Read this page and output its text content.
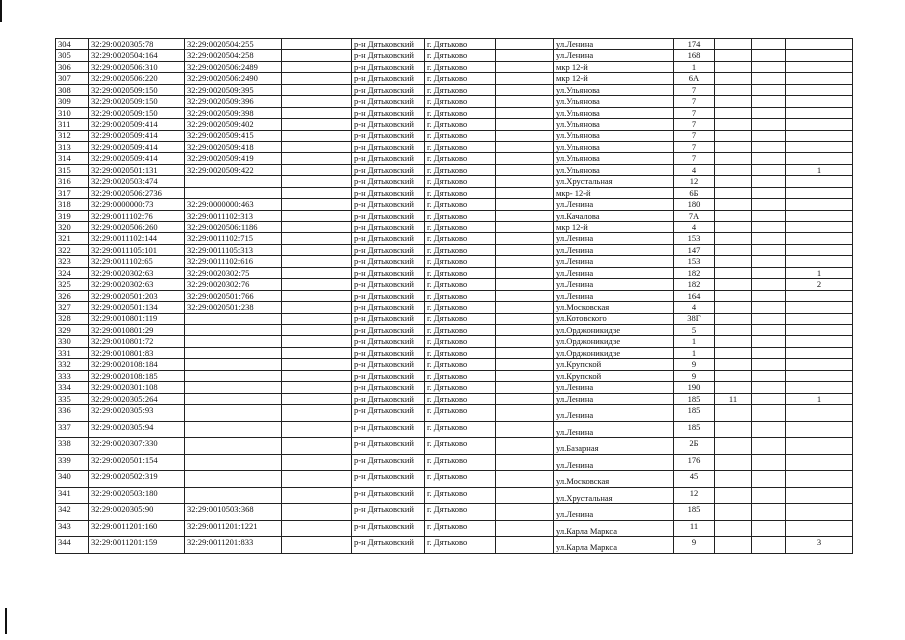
304	32:29:0020305:78	32:29:0020504:255		р-н Дятьковский	г. Дятьково		ул.Ленина	174			
305	32:29:0020504:164	32:29:0020504:258		р-н Дятьковский	г. Дятьково		ул.Ленина	168			
306	32:29:0020506:310	32:29:0020506:2489		р-н Дятьковский	г. Дятьково		мкр 12-й	1			
307	32:29:0020506:220	32:29:0020506:2490		р-н Дятьковский	г. Дятьково		мкр 12-й	6А			
308	32:29:0020509:150	32:29:0020509:395		р-н Дятьковский	г. Дятьково		ул.Ульянова	7			
309	32:29:0020509:150	32:29:0020509:396		р-н Дятьковский	г. Дятьково		ул.Ульянова	7			
310	32:29:0020509:150	32:29:0020509:398		р-н Дятьковский	г. Дятьково		ул.Ульянова	7			
311	32:29:0020509:414	32:29:0020509:402		р-н Дятьковский	г. Дятьково		ул.Ульянова	7			
312	32:29:0020509:414	32:29:0020509:415		р-н Дятьковский	г. Дятьково		ул.Ульянова	7			
313	32:29:0020509:414	32:29:0020509:418		р-н Дятьковский	г. Дятьково		ул.Ульянова	7			
314	32:29:0020509:414	32:29:0020509:419		р-н Дятьковский	г. Дятьково		ул.Ульянова	7			
315	32:29:0020501:131	32:29:0020509:422		р-н Дятьковский	г. Дятьково		ул.Ульянова	4			1
316	32:29:0020503:474			р-н Дятьковский	г. Дятьково		ул.Хрустальная	12			
317	32:29:0020506:2736			р-н Дятьковский	г. Дятьково		мкр- 12-й	6Б			
318	32:29:0000000:73	32:29:0000000:463		р-н Дятьковский	г. Дятьково		ул.Ленина	180			
319	32:29:0011102:76	32:29:0011102:313		р-н Дятьковский	г. Дятьково		ул.Качалова	7А			
320	32:29:0020506:260	32:29:0020506:1186		р-н Дятьковский	г. Дятьково		мкр 12-й	4			
321	32:29:0011102:144	32:29:0011102:715		р-н Дятьковский	г. Дятьково		ул.Ленина	153			
322	32:29:0011105:101	32:29:0011105:313		р-н Дятьковский	г. Дятьково		ул.Ленина	147			
323	32:29:0011102:65	32:29:0011102:616		р-н Дятьковский	г. Дятьково		ул.Ленина	153			
324	32:29:0020302:63	32:29:0020302:75		р-н Дятьковский	г. Дятьково		ул.Ленина	182			1
325	32:29:0020302:63	32:29:0020302:76		р-н Дятьковский	г. Дятьково		ул.Ленина	182			2
326	32:29:0020501:203	32:29:0020501:766		р-н Дятьковский	г. Дятьково		ул.Ленина	164			
327	32:29:0020501:134	32:29:0020501:238		р-н Дятьковский	г. Дятьково		ул.Московская	4			
328	32:29:0010801:119			р-н Дятьковский	г. Дятьково		ул.Котовского	38Г			
329	32:29:0010801:29			р-н Дятьковский	г. Дятьково		ул.Орджоникидзе	5			
330	32:29:0010801:72			р-н Дятьковский	г. Дятьково		ул.Орджоникидзе	1			
331	32:29:0010801:83			р-н Дятьковский	г. Дятьково		ул.Орджоникидзе	1			
332	32:29:0020108:184			р-н Дятьковский	г. Дятьково		ул.Крупской	9			
333	32:29:0020108:185			р-н Дятьковский	г. Дятьково		ул.Крупской	9			
334	32:29:0020301:108			р-н Дятьковский	г. Дятьково		ул.Ленина	190			
335	32:29:0020305:264			р-н Дятьковский	г. Дятьково		ул.Ленина	185	11		1
336	32:29:0020305:93			р-н Дятьковский	г. Дятьково		ул.Ленина	185			
337	32:29:0020305:94			р-н Дятьковский	г. Дятьково		ул.Ленина	185			
338	32:29:0020307:330			р-н Дятьковский	г. Дятьково		ул.Базарная	2Б			
339	32:29:0020501:154			р-н Дятьковский	г. Дятьково		ул.Ленина	176			
340	32:29:0020502:319			р-н Дятьковский	г. Дятьково		ул.Московская	45			
341	32:29:0020503:180			р-н Дятьковский	г. Дятьково		ул.Хрустальная	12			
342	32:29:0020305:90	32:29:0010503:368		р-н Дятьковский	г. Дятьково		ул.Ленина	185			
343	32:29:0011201:160	32:29:0011201:1221		р-н Дятьковский	г. Дятьково		ул.Карла Маркса	11			
344	32:29:0011201:159	32:29:0011201:833		р-н Дятьковский	г. Дятьково		ул.Карла Маркса	9			3
